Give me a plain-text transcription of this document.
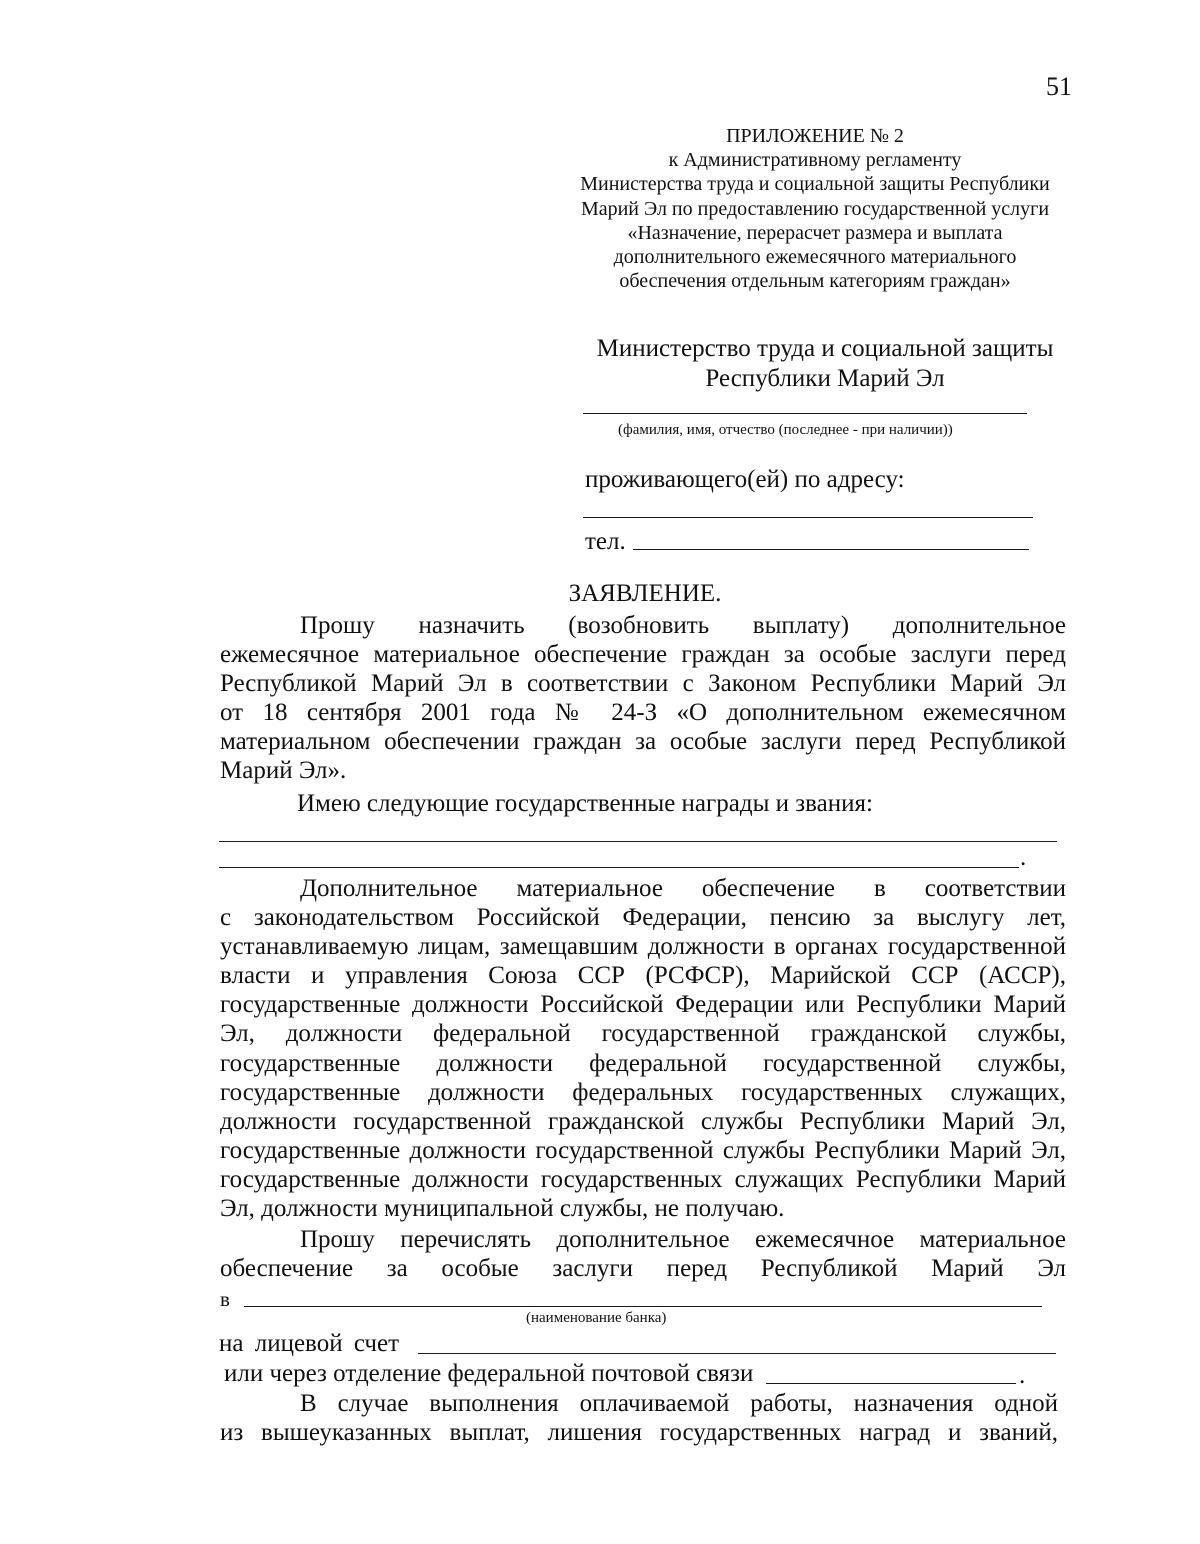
51
ПРИЛОЖЕНИЕ № 2
к Административному регламенту
Министерства труда и социальной защиты Республики
Марий Эл по предоставлению государственной услуги
«Назначение, перерасчет размера и выплата
дополнительного ежемесячного материального
обеспечения отдельным категориям граждан»
Министерство труда и социальной защиты
Республики Марий Эл
(фамилия, имя, отчество (последнее - при наличии))
проживающего(ей) по адресу:
тел.
ЗАЯВЛЕНИЕ.
Прошу назначить (возобновить выплату) дополнительное
ежемесячное материальное обеспечение граждан за особые заслуги перед
Республикой Марий Эл в соответствии с Законом Республики Марий Эл
от 18 сентября 2001 года № 24-З «О дополнительном ежемесячном
материальном обеспечении граждан за особые заслуги перед Республикой
Марий Эл».
Имею следующие государственные награды и звания:
.
Дополнительное материальное обеспечение в соответствии
с законодательством Российской Федерации, пенсию за выслугу лет,
устанавливаемую лицам, замещавшим должности в органах государственной
власти и управления Союза ССР (РСФСР), Марийской ССР (АССР),
государственные должности Российской Федерации или Республики Марий
Эл, должности федеральной государственной гражданской службы,
государственные должности федеральной государственной службы,
государственные должности федеральных государственных служащих,
должности государственной гражданской службы Республики Марий Эл,
государственные должности государственной службы Республики Марий Эл,
государственные должности государственных служащих Республики Марий
Эл, должности муниципальной службы, не получаю.
Прошу перечислять дополнительное ежемесячное материальное
обеспечение за особые заслуги перед Республикой Марий Эл
в
(наименование банка)
на лицевой счет
или через отделение федеральной почтовой связи	.
В случае выполнения оплачиваемой работы, назначения одной
из вышеуказанных выплат, лишения государственных наград и званий,
